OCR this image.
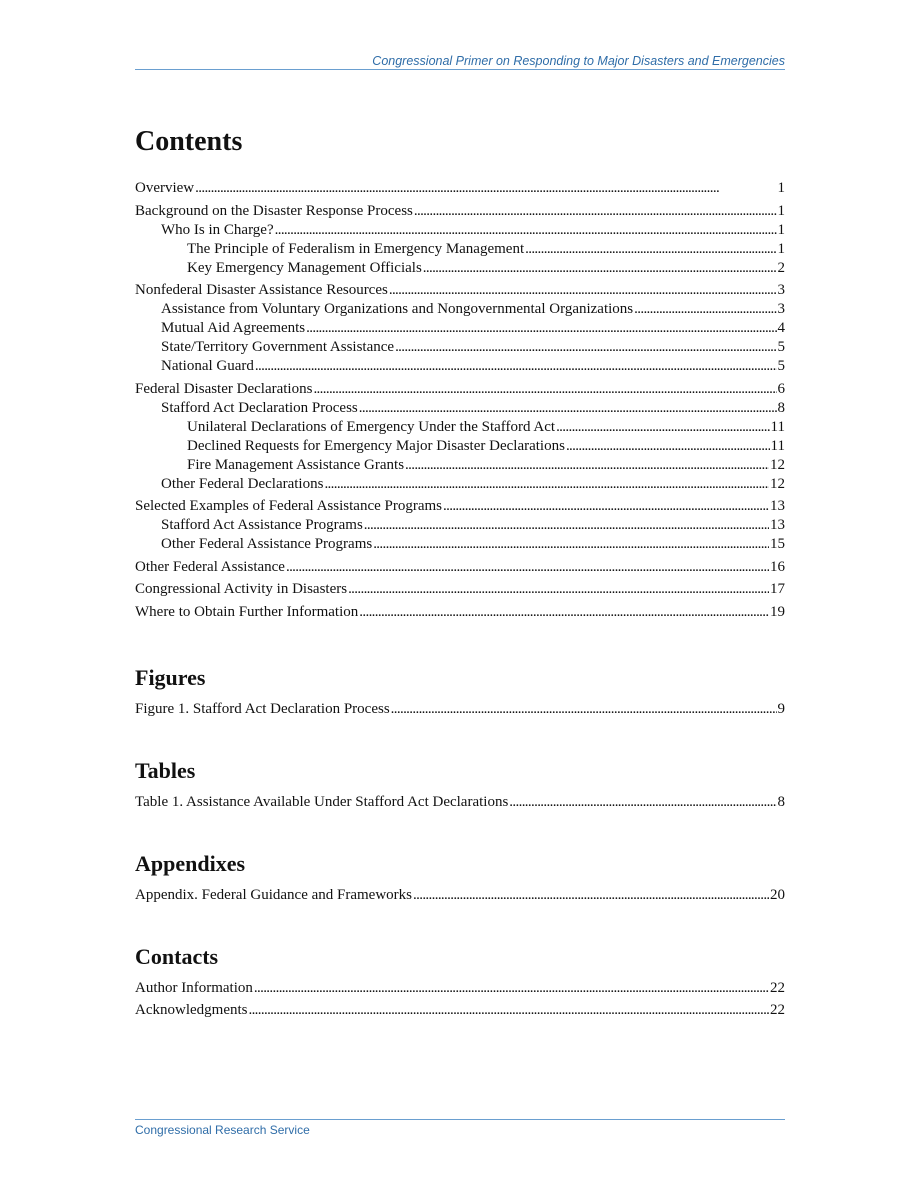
Congressional Primer on Responding to Major Disasters and Emergencies
Contents
Overview . . .	1
Background on the Disaster Response Process . . .	1
Who Is in Charge? . . .	1
The Principle of Federalism in Emergency Management . . .	1
Key Emergency Management Officials . . .	2
Nonfederal Disaster Assistance Resources . . .	3
Assistance from Voluntary Organizations and Nongovernmental Organizations . . .	3
Mutual Aid Agreements . . .	4
State/Territory Government Assistance . . .	5
National Guard . . .	5
Federal Disaster Declarations . . .	6
Stafford Act Declaration Process . . .	8
Unilateral Declarations of Emergency Under the Stafford Act . . .	11
Declined Requests for Emergency Major Disaster Declarations . . .	11
Fire Management Assistance Grants . . .	12
Other Federal Declarations . . .	12
Selected Examples of Federal Assistance Programs . . .	13
Stafford Act Assistance Programs . . .	13
Other Federal Assistance Programs . . .	15
Other Federal Assistance . . .	16
Congressional Activity in Disasters . . .	17
Where to Obtain Further Information . . .	19
Figures
Figure 1. Stafford Act Declaration Process . . .	9
Tables
Table 1. Assistance Available Under Stafford Act Declarations . . .	8
Appendixes
Appendix. Federal Guidance and Frameworks . . .	20
Contacts
Author Information . . .	22
Acknowledgments . . .	22
Congressional Research Service
